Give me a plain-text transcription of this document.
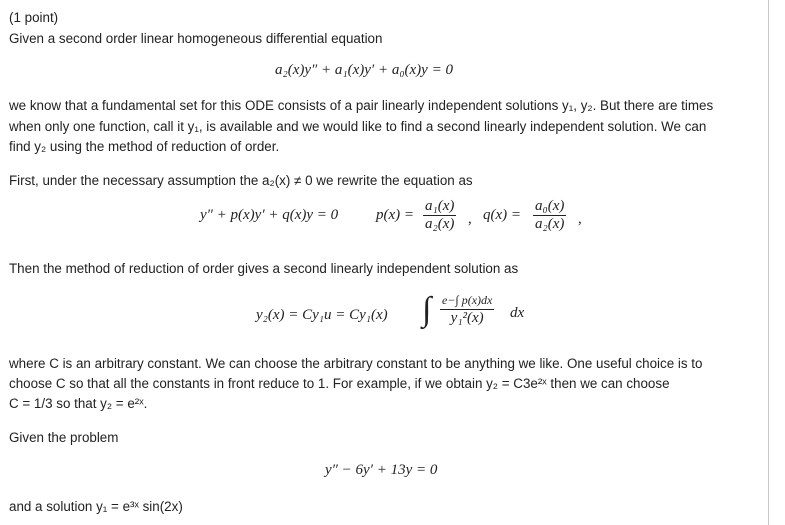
(1 point)
Given a second order linear homogeneous differential equation
a₂(x)y″ + a₁(x)y′ + a₀(x)y = 0
we know that a fundamental set for this ODE consists of a pair linearly independent solutions y₁, y₂. But there are times
when only one function, call it y₁, is available and we would like to find a second linearly independent solution. We can
find y₂ using the method of reduction of order.
First, under the necessary assumption the a₂(x) ≠ 0 we rewrite the equation as
y″ + p(x)y′ + q(x)y = 0	p(x) =
a₁(x)
a₂(x) , q(x) =
a₀(x)
a₂(x) ,
Then the method of reduction of order gives a second linearly independent solution as
y₂(x) = Cy₁u = Cy₁(x) ∫ e−∫ p(x)dx
y₁²(x)	dx
where C is an arbitrary constant. We can choose the arbitrary constant to be anything we like. One useful choice is to
choose C so that all the constants in front reduce to 1. For example, if we obtain y₂ = C3e²ˣ then we can choose
C = 1/3 so that y₂ = e²ˣ.
Given the problem
y″ − 6y′ + 13y = 0
and a solution y₁ = e³ˣ sin(2x)
